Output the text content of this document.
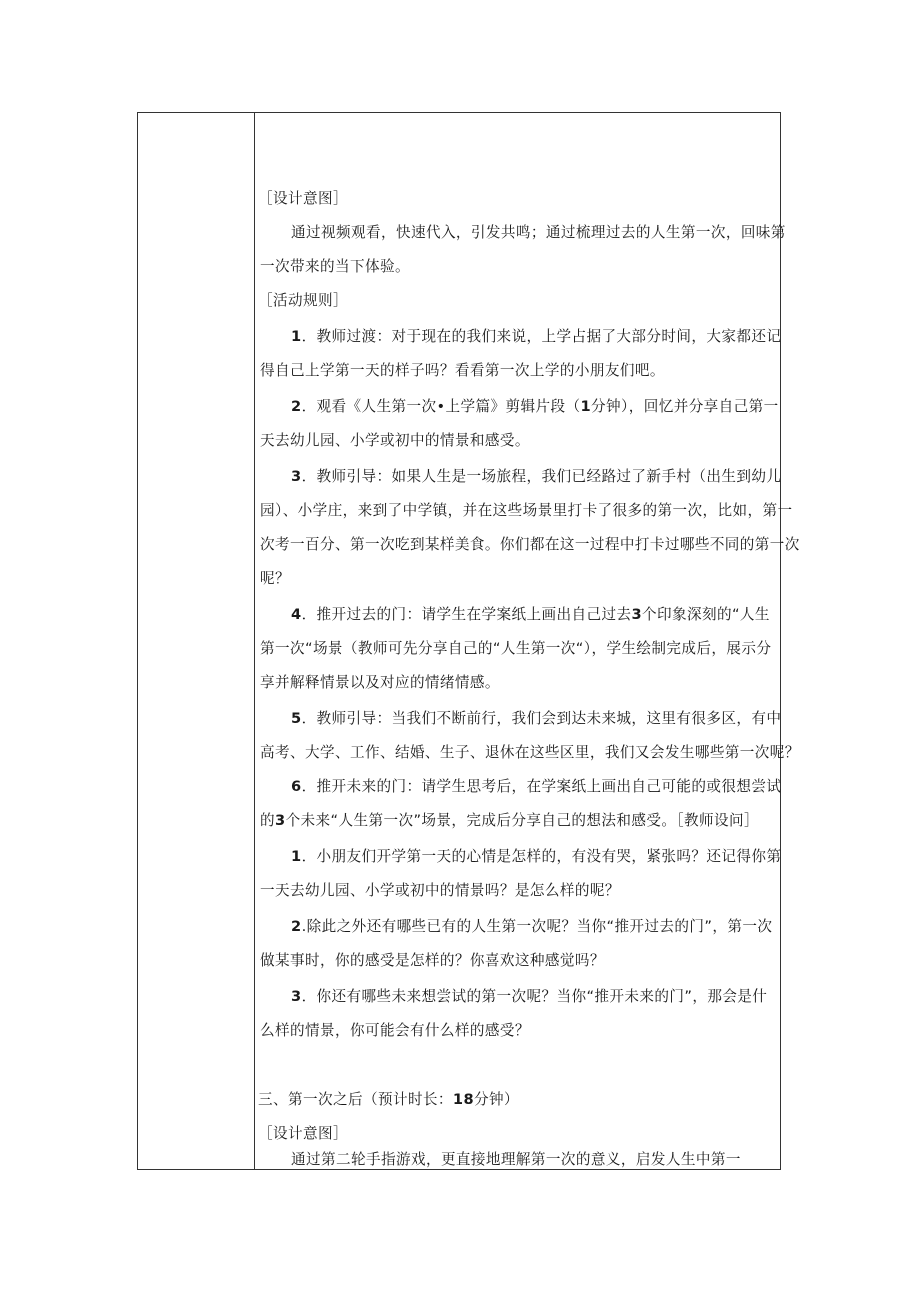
［设计意图］
通过视频观看，快速代入，引发共鸣；通过梳理过去的人生第一次，回味第
一次带来的当下体验。
［活动规则］
1．教师过渡：对于现在的我们来说，上学占据了大部分时间，大家都还记
得自己上学第一天的样子吗？看看第一次上学的小朋友们吧。
2．观看《人生第一次•上学篇》剪辑片段（1分钟），回忆并分享自己第一
天去幼儿园、小学或初中的情景和感受。
3．教师引导：如果人生是一场旅程，我们已经路过了新手村（出生到幼儿
园）、小学庄，来到了中学镇，并在这些场景里打卡了很多的第一次，比如，第一
次考一百分、第一次吃到某样美食。你们都在这一过程中打卡过哪些不同的第一次
呢？
4．推开过去的门：请学生在学案纸上画出自己过去3个印象深刻的“人生
第一次“场景（教师可先分享自己的“人生第一次“），学生绘制完成后，展示分
享并解释情景以及对应的情绪情感。
5．教师引导：当我们不断前行，我们会到达未来城，这里有很多区，有中
高考、大学、工作、结婚、生子、退休在这些区里，我们又会发生哪些第一次呢？
6．推开未来的门：请学生思考后，在学案纸上画出自己可能的或很想尝试
的3个未来“人生第一次”场景，完成后分享自己的想法和感受。［教师设问］
1．小朋友们开学第一天的心情是怎样的，有没有哭，紧张吗？还记得你第
一天去幼儿园、小学或初中的情景吗？是怎么样的呢？
2.除此之外还有哪些已有的人生第一次呢？当你“推开过去的门”，第一次
做某事时，你的感受是怎样的？你喜欢这种感觉吗？
3．你还有哪些未来想尝试的第一次呢？当你“推开未来的门”，那会是什
么样的情景，你可能会有什么样的感受？
三、第一次之后（预计时长：18分钟）
［设计意图］
通过第二轮手指游戏，更直接地理解第一次的意义，启发人生中第一
